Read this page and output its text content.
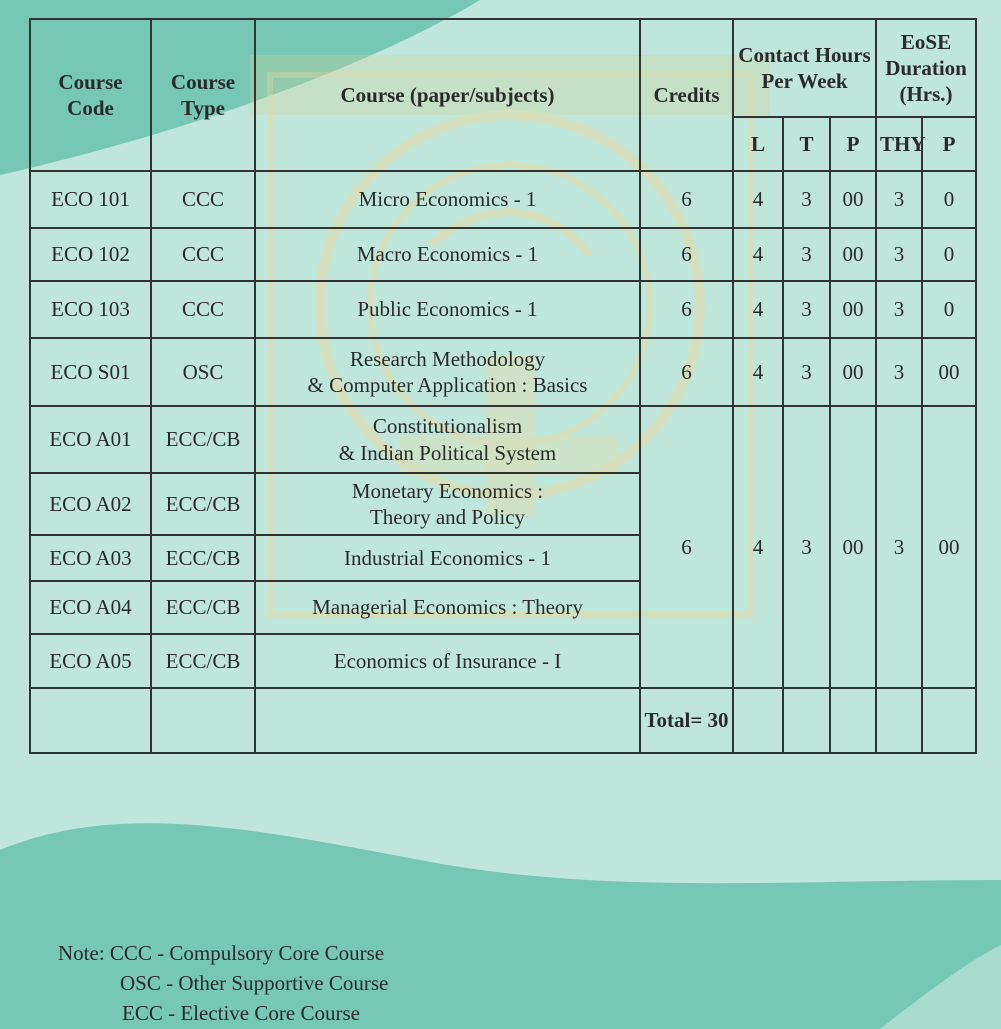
Course Code	Course Type	Course (paper/subjects)	Credits	Contact Hours Per Week			EoSE Duration (Hrs.)	
				L	T	P	THY	P
ECO 101	CCC	Micro Economics - 1	6	4	3	00	3	0
ECO 102	CCC	Macro Economics - 1	6	4	3	00	3	0
ECO 103	CCC	Public Economics - 1	6	4	3	00	3	0
ECO S01	OSC	Research Methodology
& Computer Application : Basics	6	4	3	00	3	00
ECO A01	ECC/CB	Constitutionalism
& Indian Political System	6	4	3	00	3	00
ECO A02	ECC/CB	Monetary Economics :
Theory and Policy						
ECO A03	ECC/CB	Industrial Economics - 1						
ECO A04	ECC/CB	Managerial Economics : Theory						
ECO A05	ECC/CB	Economics of Insurance - I						
			Total= 30					
Note: CCC - Compulsory Core Course
OSC - Other Supportive Course
ECC - Elective Core Course
